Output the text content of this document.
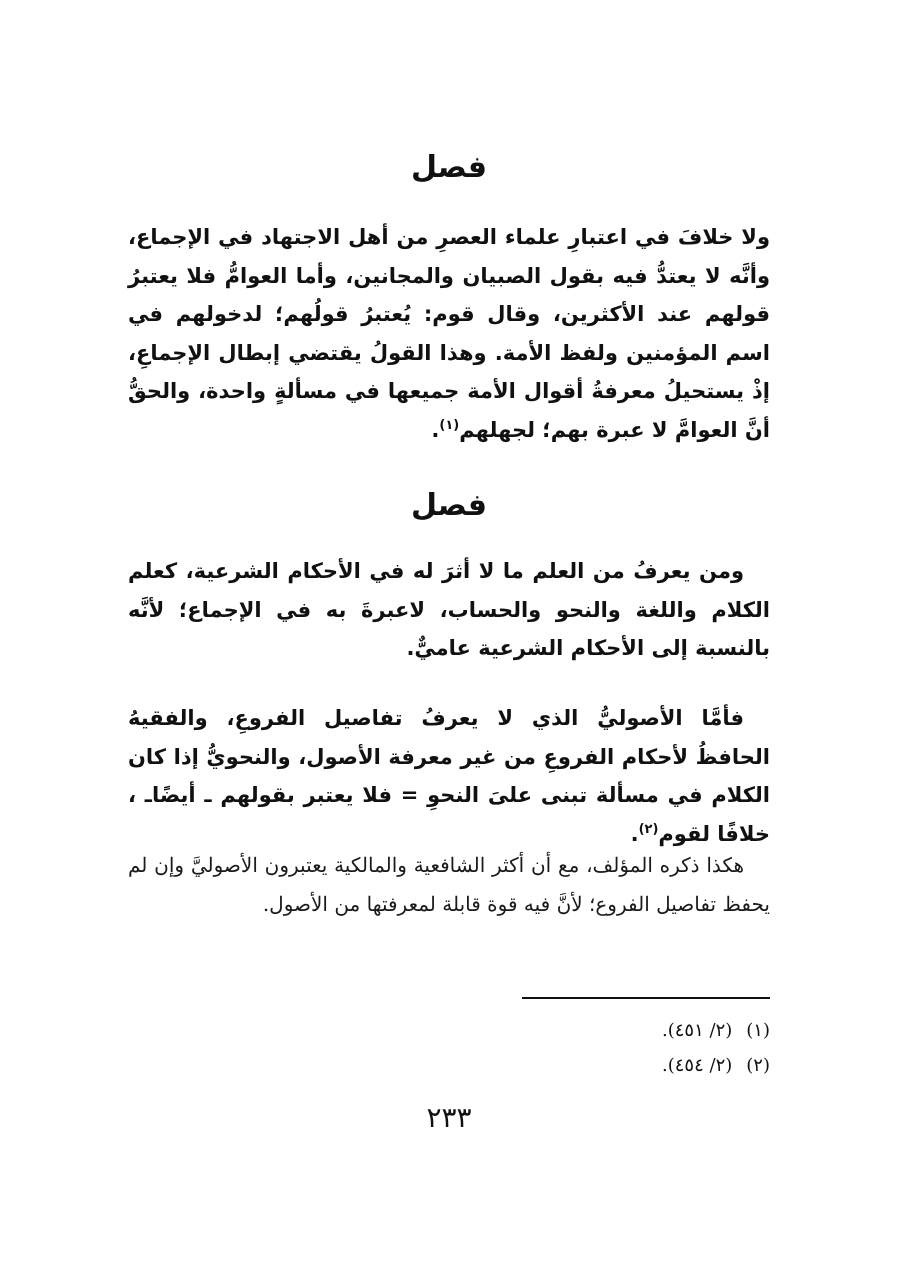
فصل

ولا خلافَ في اعتبارِ علماء العصرِ من أهل الاجتهاد في الإجماع، وأنَّه لا يعتدُّ فيه بقول الصبيان والمجانين، وأما العوامُّ فلا يعتبرُ قولهم عند الأكثرين، وقال قوم: يُعتبرُ قولُهم؛ لدخولهم في اسم المؤمنين ولفظ الأمة. وهذا القولُ يقتضي إبطال الإجماعِ، إذْ يستحيلُ معرفةُ أقوال الأمة جميعها في مسألةٍ واحدة، والحقُّ أنَّ العوامَّ لا عبرة بهم؛ لجهلهم$^{(١)}$.

فصل

ومن يعرفُ من العلم ما لا أثرَ له في الأحكام الشرعية، كعلم الكلام واللغة والنحو والحساب، لاعبرةَ به في الإجماع؛ لأنَّه بالنسبة إلى الأحكام الشرعية عاميٌّ.

فأمَّا الأصوليُّ الذي لا يعرفُ تفاصيل الفروعِ، والفقيهُ الحافظُ لأحكام الفروعِ من غير معرفة الأصول، والنحويُّ إذا كان الكلام في مسألة تبنى علىَ النحوِ = فلا يعتبر بقولهم ـ أيضًاـ ، خلافًا لقوم$^{(٢)}$.

هكذا ذكره المؤلف، مع أن أكثر الشافعية والمالكية يعتبرون الأصوليَّ وإن لم يحفظ تفاصيل الفروع؛ لأنَّ فيه قوة قابلة لمعرفتها من الأصول.

(١)(٢/ ٤٥١).
(٢)(٢/ ٤٥٤).
٢٣٣
